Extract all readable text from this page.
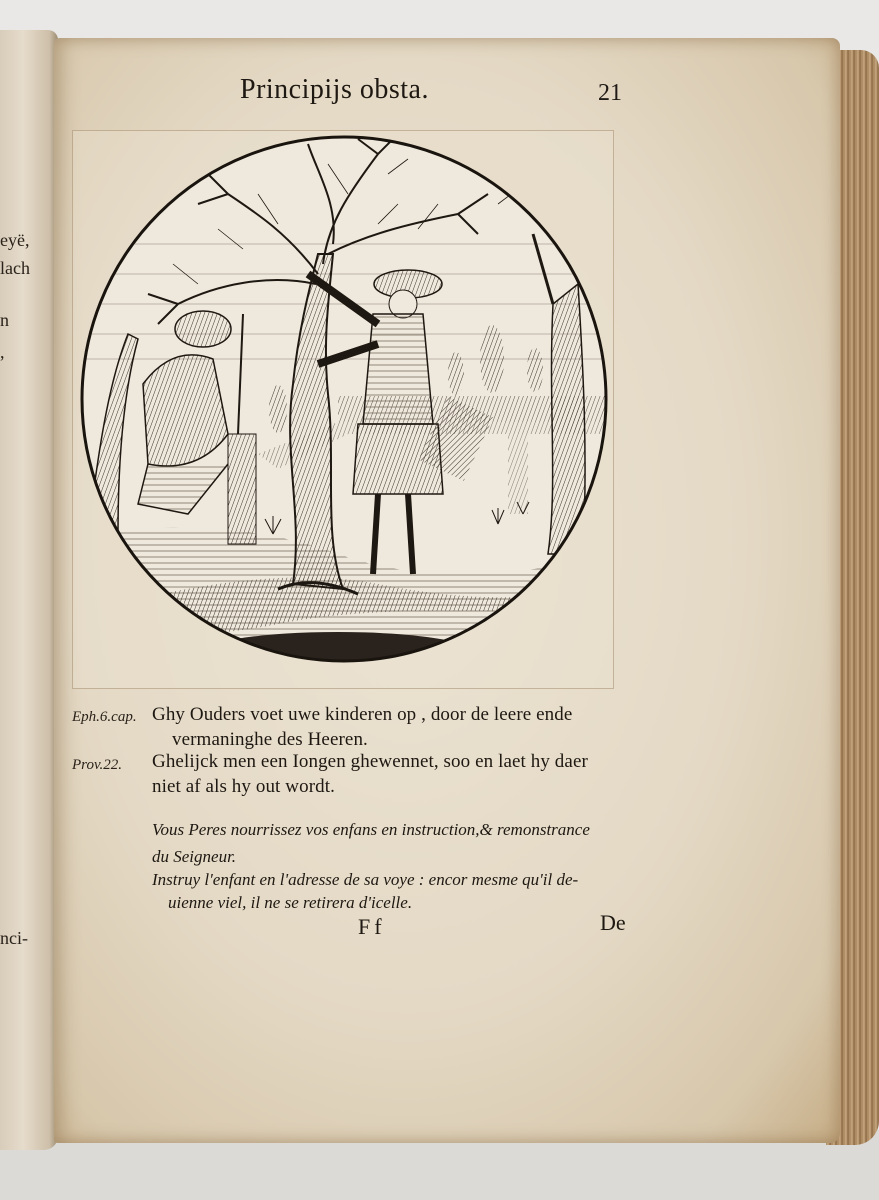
eyë,
lach
n
,
nci-
Principijs obsta.	21
Eph.6.cap. Ghy Ouders voet uwe kinderen op , door de leere ende
vermaninghe des Heeren.
Prov.22. Ghelijck men een Iongen ghewennet, soo en laet hy daer
niet af als hy out wordt.
Vous Peres nourrissez vos enfans en instruction,& remonstrance
du Seigneur.
Instruy l'enfant en l'adresse de sa voye : encor mesme qu'il de-
uienne viel, il ne se retirera d'icelle.
Ff	De
